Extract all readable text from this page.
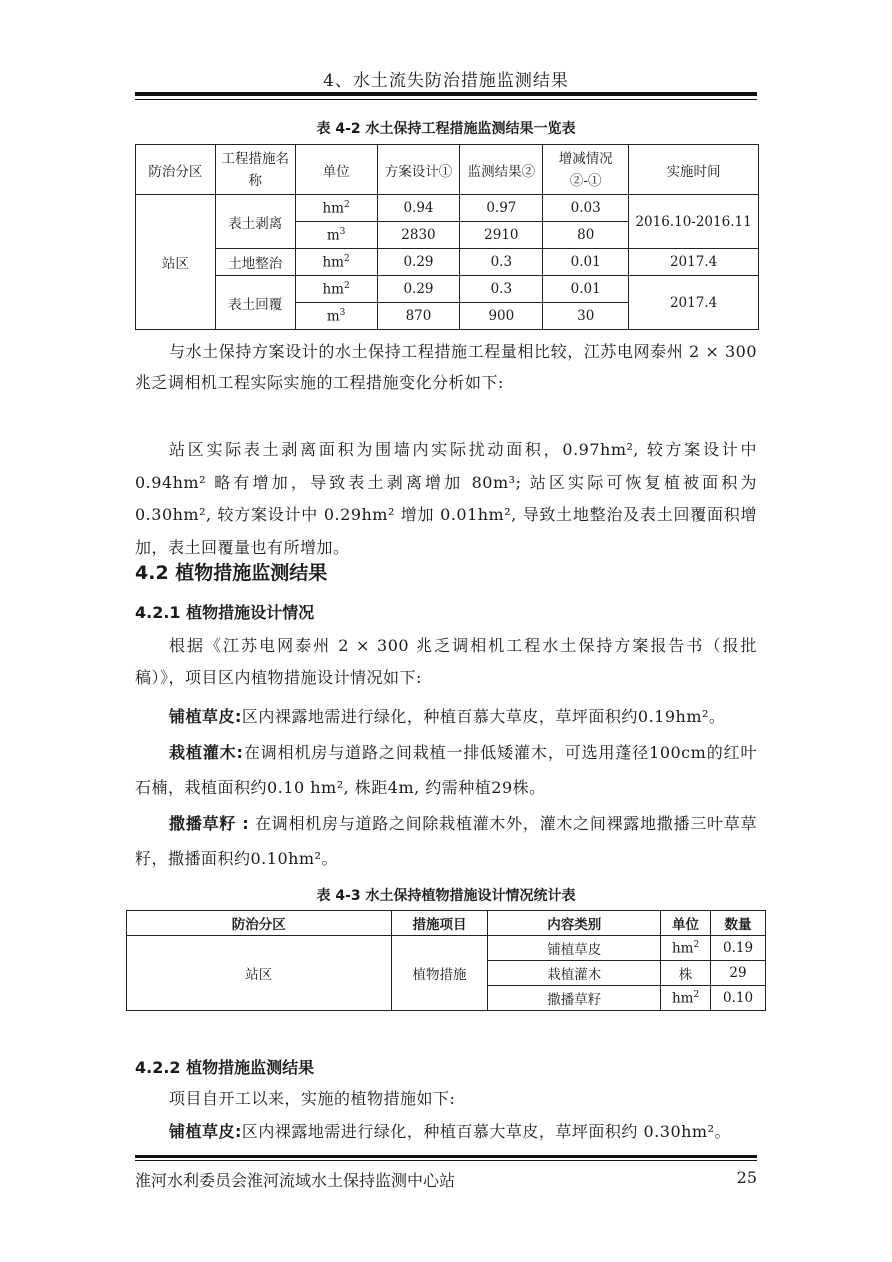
4、水土流失防治措施监测结果
表 4-2 水土保持工程措施监测结果一览表
防治分区	工程措施名称	单位	方案设计①	监测结果②	增减情况②-①	实施时间
站区	表土剥离	$hm^2$	0.94	0.97	0.03	2016.10-2016.11
		$m^3$	2830	2910	80	
	土地整治	$hm^2$	0.29	0.3	0.01	2017.4
	表土回覆	$hm^2$	0.29	0.3	0.01	2017.4
		$m^3$	870	900	30	
与水土保持方案设计的水土保持工程措施工程量相比较，江苏电网泰州 2 × 300 兆乏调相机工程实际实施的工程措施变化分析如下:
站区实际表土剥离面积为围墙内实际扰动面积，0.97hm², 较方案设计中 0.94hm² 略有增加，导致表土剥离增加 80m³; 站区实际可恢复植被面积为 0.30hm², 较方案设计中 0.29hm² 增加 0.01hm², 导致土地整治及表土回覆面积增加，表土回覆量也有所增加。
4.2 植物措施监测结果
4.2.1 植物措施设计情况
根据《江苏电网泰州 2 × 300 兆乏调相机工程水土保持方案报告书（报批稿）》，项目区内植物措施设计情况如下:
铺植草皮:区内裸露地需进行绿化，种植百慕大草皮，草坪面积约0.19hm²。
栽植灌木:在调相机房与道路之间栽植一排低矮灌木，可选用蓬径100cm的红叶石楠，栽植面积约0.10 hm², 株距4m, 约需种植29株。
撒播草籽 : 在调相机房与道路之间除栽植灌木外，灌木之间裸露地撒播三叶草草籽，撒播面积约0.10hm²。
表 4-3 水土保持植物措施设计情况统计表
防治分区	措施项目	内容类别	单位	数量
站区	植物措施	铺植草皮	$hm^2$	0.19
		栽植灌木	株	29
		撒播草籽	$hm^2$	0.10
4.2.2 植物措施监测结果
项目自开工以来，实施的植物措施如下:
铺植草皮:区内裸露地需进行绿化，种植百慕大草皮，草坪面积约 0.30hm²。
淮河水利委员会淮河流域水土保持监测中心站	25
